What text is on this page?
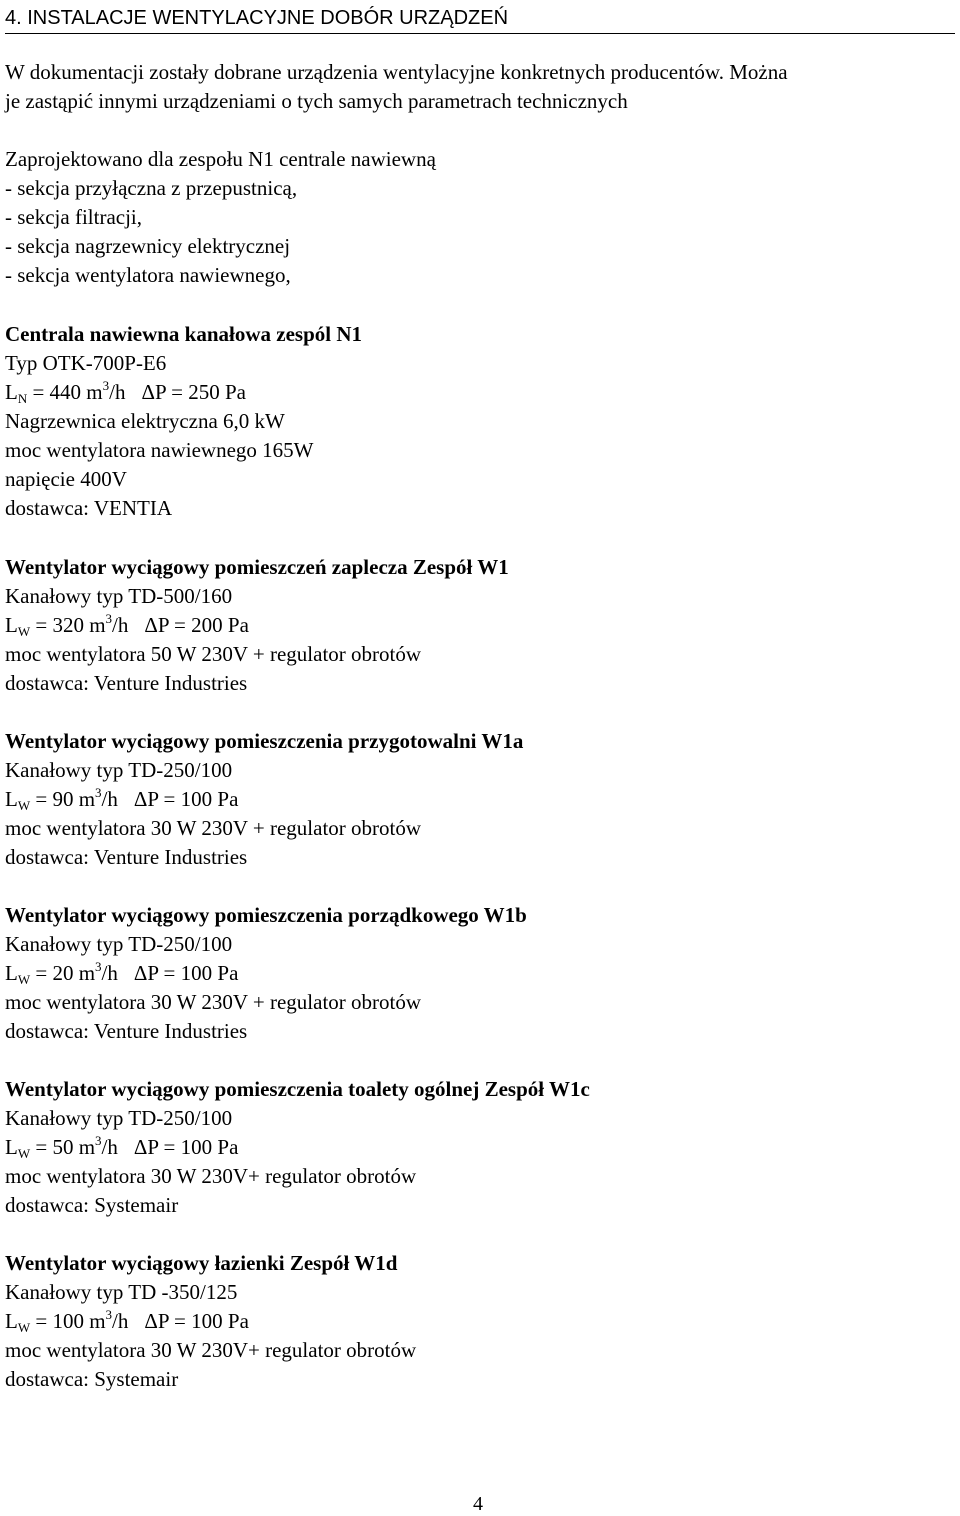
4. INSTALACJE WENTYLACYJNE DOBÓR URZĄDZEŃ
W dokumentacji zostały dobrane urządzenia wentylacyjne konkretnych producentów. Można
je zastąpić innymi urządzeniami o tych samych parametrach technicznych
Zaprojektowano dla zespołu N1 centrale nawiewną
- sekcja przyłączna z przepustnicą,
- sekcja filtracji,
- sekcja nagrzewnicy elektrycznej
- sekcja wentylatora nawiewnego,
Centrala nawiewna kanałowa zespól N1
Typ OTK-700P-E6
$L_N = 440$ $m^3/h$ ΔP = 250 Pa
Nagrzewnica elektryczna 6,0 kW
moc wentylatora nawiewnego 165W
napięcie 400V
dostawca: VENTIA
Wentylator wyciągowy pomieszczeń zaplecza Zespół W1
Kanałowy typ TD-500/160
$L_W = 320$ $m^3/h$ ΔP = 200 Pa
moc wentylatora 50 W 230V + regulator obrotów
dostawca: Venture Industries
Wentylator wyciągowy pomieszczenia przygotowalni W1a
Kanałowy typ TD-250/100
$L_W = 90$ $m^3/h$ ΔP = 100 Pa
moc wentylatora 30 W 230V + regulator obrotów
dostawca: Venture Industries
Wentylator wyciągowy pomieszczenia porządkowego W1b
Kanałowy typ TD-250/100
$L_W = 20$ $m^3/h$ ΔP = 100 Pa
moc wentylatora 30 W 230V + regulator obrotów
dostawca: Venture Industries
Wentylator wyciągowy pomieszczenia toalety ogólnej Zespół W1c
Kanałowy typ TD-250/100
$L_W = 50$ $m^3/h$ ΔP = 100 Pa
moc wentylatora 30 W 230V+ regulator obrotów
dostawca: Systemair
Wentylator wyciągowy łazienki Zespół W1d
Kanałowy typ TD -350/125
$L_W = 100$ $m^3/h$ ΔP = 100 Pa
moc wentylatora 30 W 230V+ regulator obrotów
dostawca: Systemair
4
